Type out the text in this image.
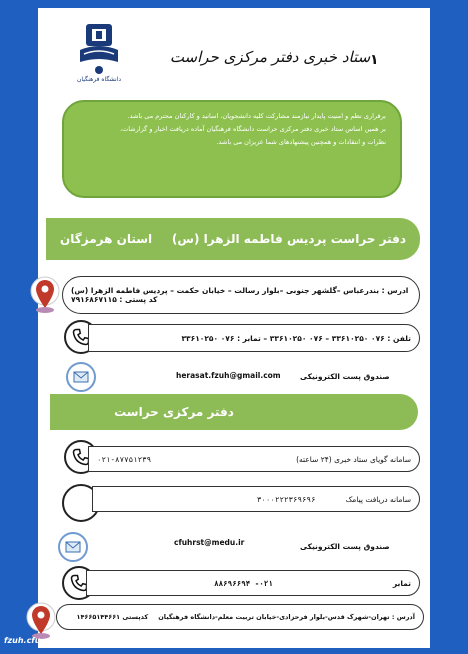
دانشگاه فرهنگیان
۱
ستاد خبری دفتر مرکزی حراست
برقراری نظم و امنیت پایدار نیازمند مشارکت کلیه دانشجویان، اساتید و کارکنان محترم می باشد.
بر همین اساس ستاد خبری دفتر مرکزی حراست دانشگاه فرهنگیان آماده دریافت اخبار و گزارشات،
نظرات و انتقادات و همچنین پیشنهادهای شما عزیزان می باشد.
دفتر حراست پردیس فاطمه الزهرا (س)
استان هرمزگان
ادرس : بندرعباس –گلشهر جنوبی –بلوار رسالت – خیابان حکمت – پردیس فاطمه الزهرا (س)
کد پستی : ۷۹۱۶۸۶۷۱۱۵
تلفن : ۰۷۶ ۳۳۶۱۰۲۵۰ – ۰۷۶ ۳۳۶۱۰۲۵۰ – تمابر : ۰۷۶ ۳۳۶۱۰۲۵۰
صندوق پست الکترونیکی
herasat.fzuh@gmail.com
دفتر مرکزی حراست
سامانه گویای ستاد خبری (۲۴ ساعته)
۰۲۱-۸۷۷۵۱۲۳۹
سامانه دریافت پیامک
۳۰۰۰۲۲۲۳۶۹۶۹۶
صندوق پست الکترونیکی
cfuhrst@medu.ir
تمابر
۰۲۱- ۸۸۶۹۶۶۹۴
آدرس : تهران-شهرک قدس-بلوار فرحزادی-خیابان تربیت معلم-دانشگاه فرهنگیان
کدپستی ۱۴۶۶۵۱۴۴۶۶۱
fzuh.cfu.ac.ir
